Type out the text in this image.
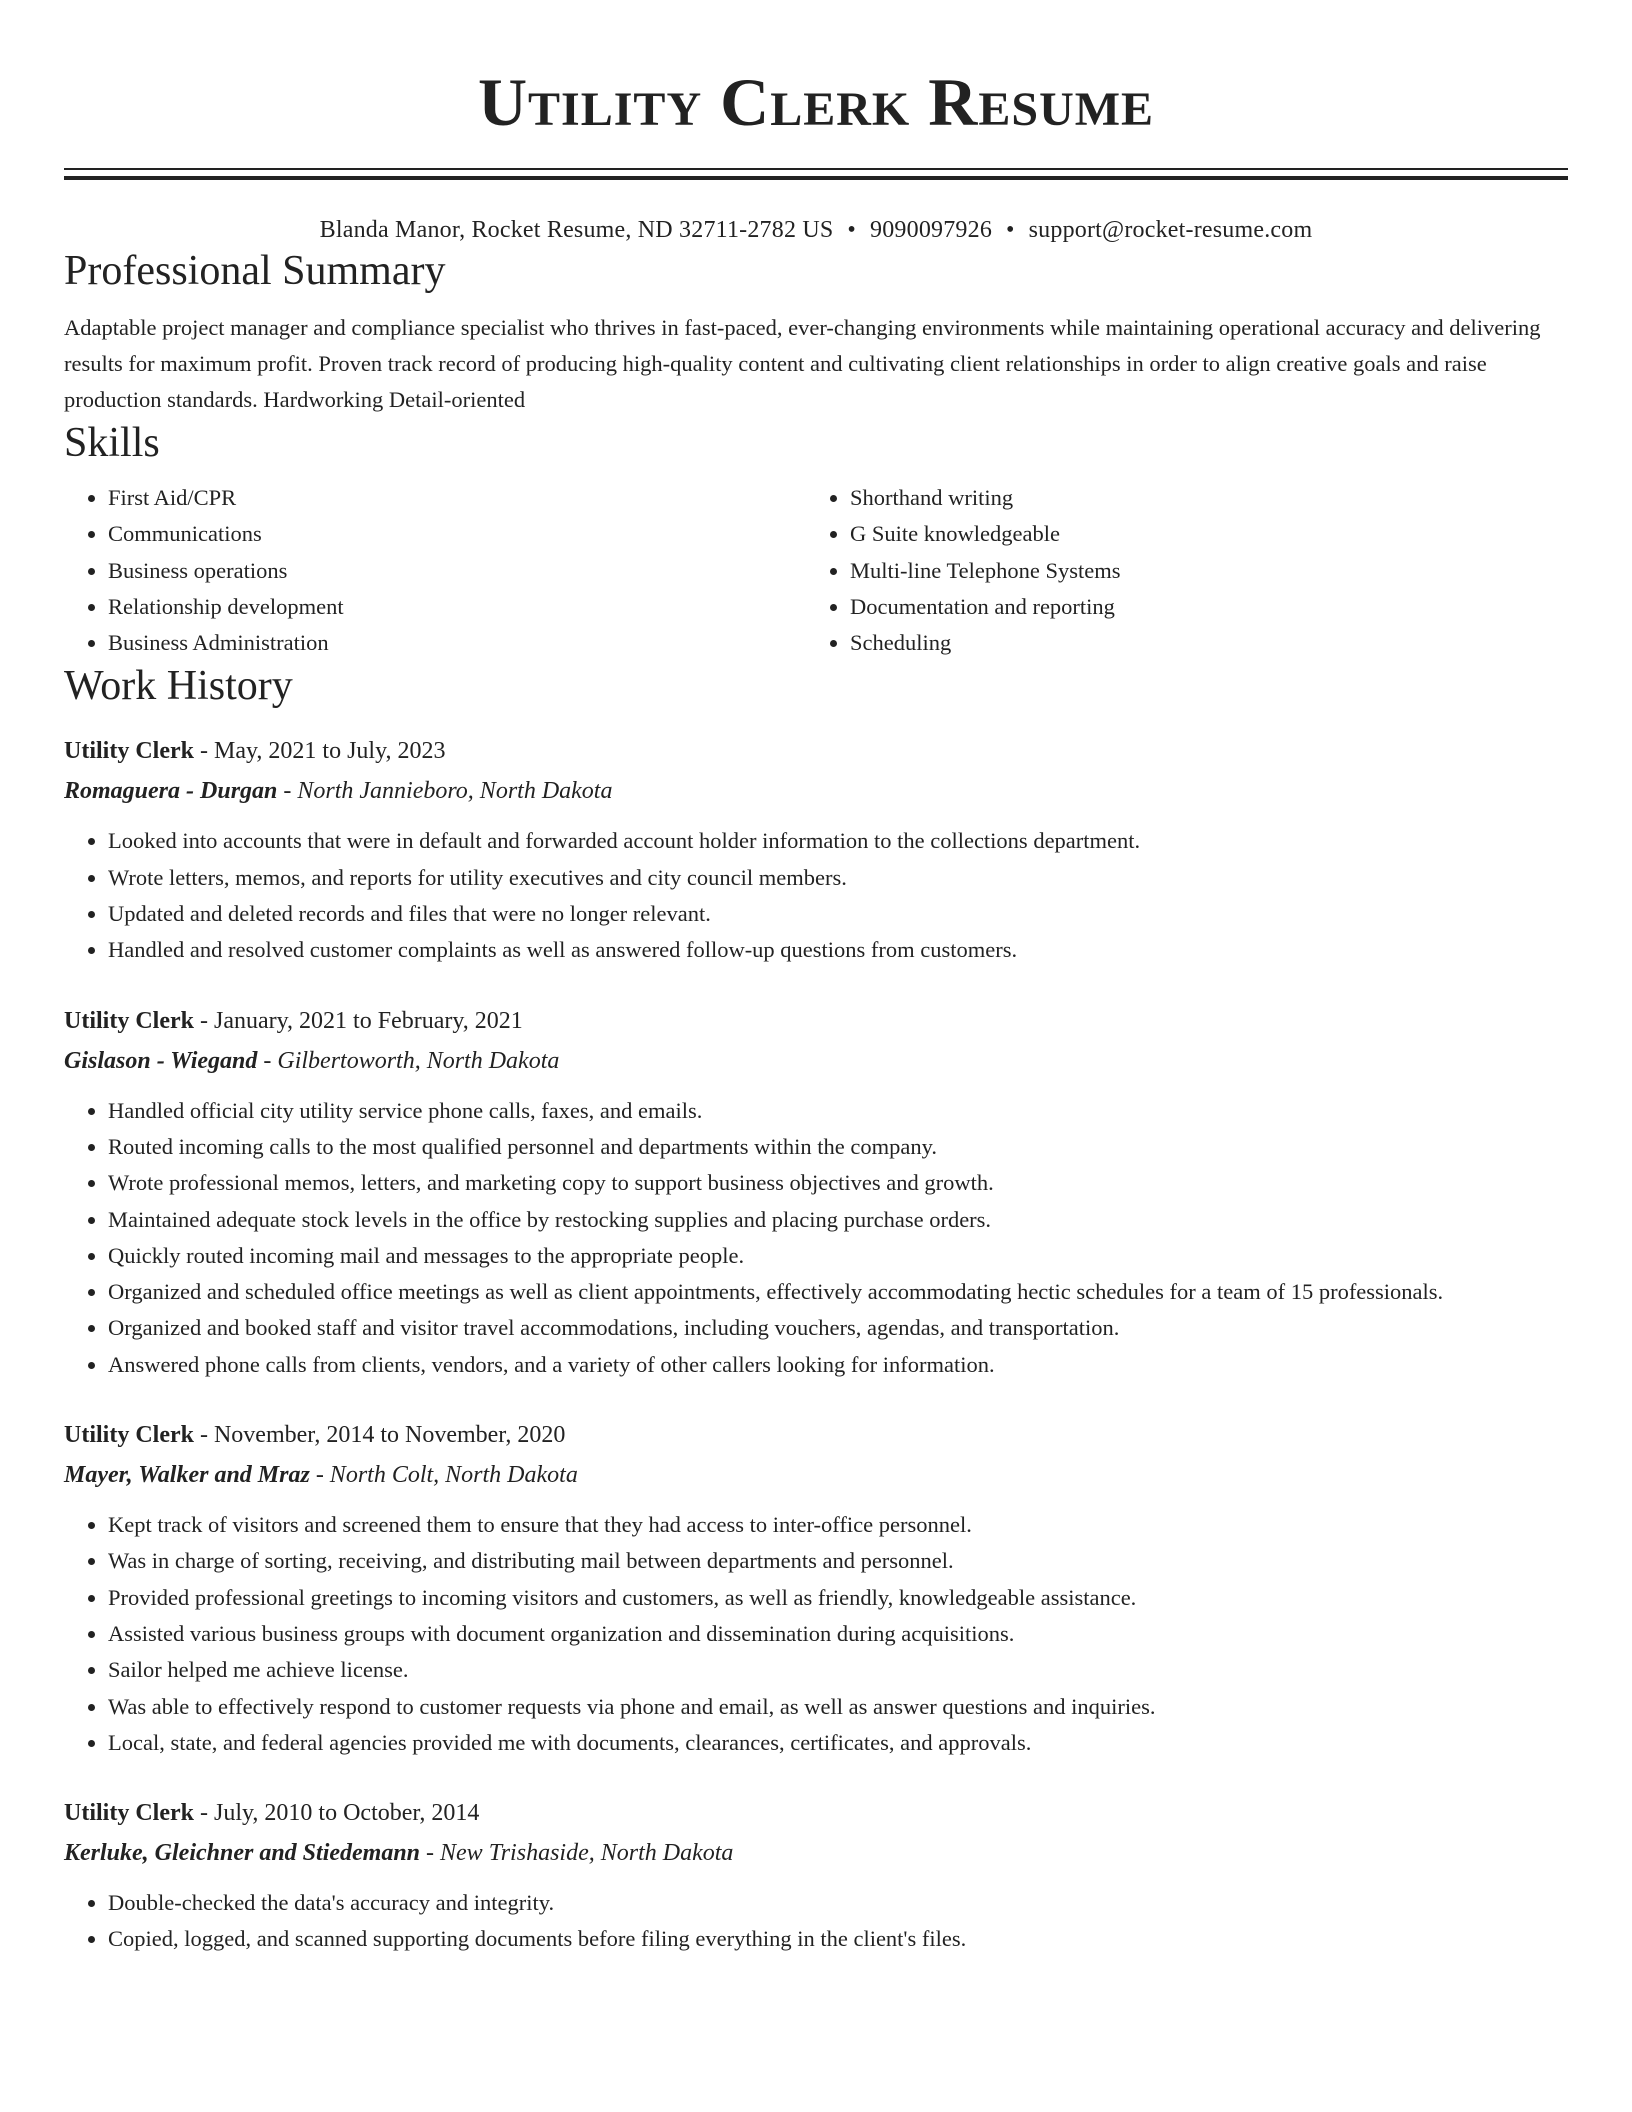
Utility Clerk Resume
Blanda Manor, Rocket Resume, ND 32711-2782 US • 9090097926 • support@rocket-resume.com
Professional Summary

Adaptable project manager and compliance specialist who thrives in fast-paced, ever-changing environments while maintaining operational accuracy and delivering results for maximum profit. Proven track record of producing high-quality content and cultivating client relationships in order to align creative goals and raise production standards. Hardworking Detail-oriented

Skills
• First Aid/CPR
• Communications
• Business operations
• Relationship development
• Business Administration
• Shorthand writing
• G Suite knowledgeable
• Multi-line Telephone Systems
• Documentation and reporting
• Scheduling
Work History
Utility Clerk - May, 2021 to July, 2023
Romaguera - Durgan - North Jannieboro, North Dakota
• Looked into accounts that were in default and forwarded account holder information to the collections department.
• Wrote letters, memos, and reports for utility executives and city council members.
• Updated and deleted records and files that were no longer relevant.
• Handled and resolved customer complaints as well as answered follow-up questions from customers.
Utility Clerk - January, 2021 to February, 2021
Gislason - Wiegand - Gilbertoworth, North Dakota
• Handled official city utility service phone calls, faxes, and emails.
• Routed incoming calls to the most qualified personnel and departments within the company.
• Wrote professional memos, letters, and marketing copy to support business objectives and growth.
• Maintained adequate stock levels in the office by restocking supplies and placing purchase orders.
• Quickly routed incoming mail and messages to the appropriate people.
• Organized and scheduled office meetings as well as client appointments, effectively accommodating hectic schedules for a team of 15 professionals.
• Organized and booked staff and visitor travel accommodations, including vouchers, agendas, and transportation.
• Answered phone calls from clients, vendors, and a variety of other callers looking for information.
Utility Clerk - November, 2014 to November, 2020
Mayer, Walker and Mraz - North Colt, North Dakota
• Kept track of visitors and screened them to ensure that they had access to inter-office personnel.
• Was in charge of sorting, receiving, and distributing mail between departments and personnel.
• Provided professional greetings to incoming visitors and customers, as well as friendly, knowledgeable assistance.
• Assisted various business groups with document organization and dissemination during acquisitions.
• Sailor helped me achieve license.
• Was able to effectively respond to customer requests via phone and email, as well as answer questions and inquiries.
• Local, state, and federal agencies provided me with documents, clearances, certificates, and approvals.
Utility Clerk - July, 2010 to October, 2014
Kerluke, Gleichner and Stiedemann - New Trishaside, North Dakota
• Double-checked the data's accuracy and integrity.
• Copied, logged, and scanned supporting documents before filing everything in the client's files.
